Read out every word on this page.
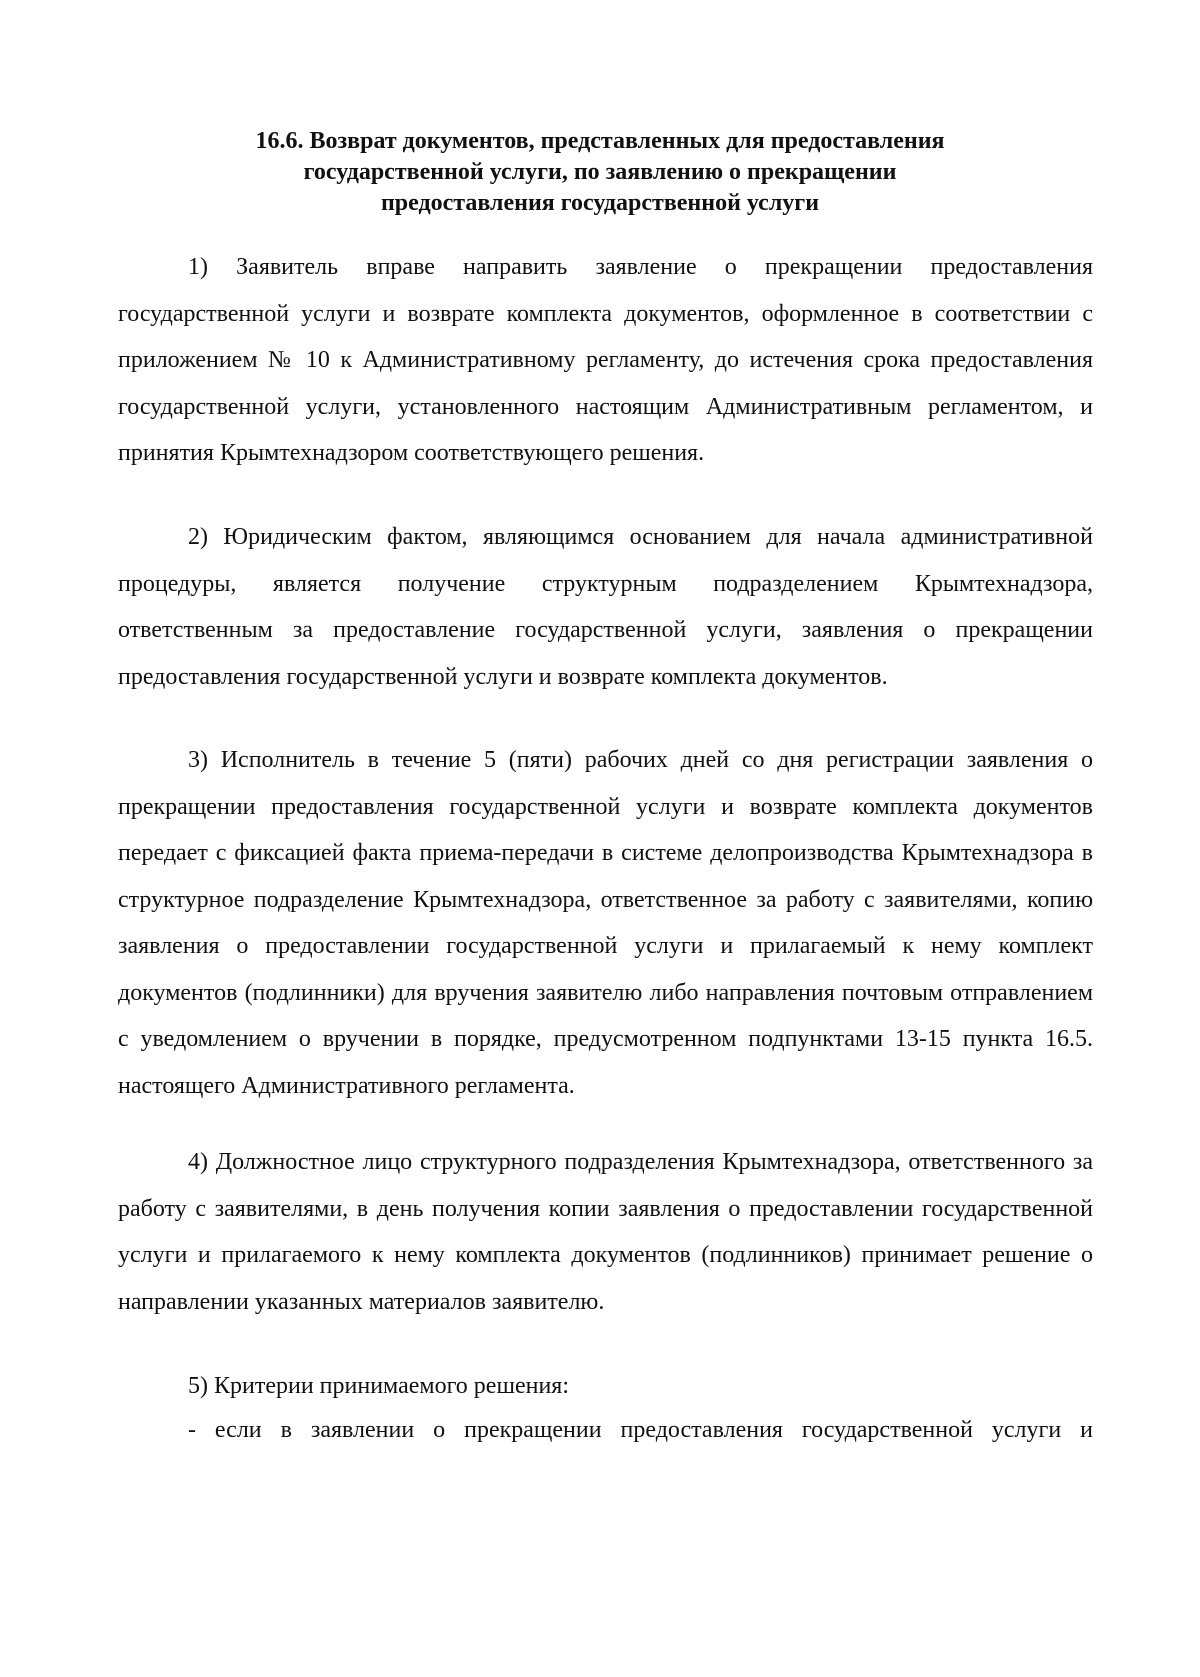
16.6. Возврат документов, представленных для предоставления
государственной услуги, по заявлению о прекращении
предоставления государственной услуги

1) Заявитель вправе направить заявление о прекращении предоставления государственной услуги и возврате комплекта документов, оформленное в соответствии с приложением № 10 к Административному регламенту, до истечения срока предоставления государственной услуги, установленного настоящим Административным регламентом, и принятия Крымтехнадзором соответствующего решения.

2) Юридическим фактом, являющимся основанием для начала административной процедуры, является получение структурным подразделением Крымтехнадзора, ответственным за предоставление государственной услуги, заявления о прекращении предоставления государственной услуги и возврате комплекта документов.

3) Исполнитель в течение 5 (пяти) рабочих дней со дня регистрации заявления о прекращении предоставления государственной услуги и возврате комплекта документов передает с фиксацией факта приема-передачи в системе делопроизводства Крымтехнадзора в структурное подразделение Крымтехнадзора, ответственное за работу с заявителями, копию заявления о предоставлении государственной услуги и прилагаемый к нему комплект документов (подлинники) для вручения заявителю либо направления почтовым отправлением с уведомлением о вручении в порядке, предусмотренном подпунктами 13-15 пункта 16.5. настоящего Административного регламента.

4) Должностное лицо структурного подразделения Крымтехнадзора, ответственного за работу с заявителями, в день получения копии заявления о предоставлении государственной услуги и прилагаемого к нему комплекта документов (подлинников) принимает решение о направлении указанных материалов заявителю.

5) Критерии принимаемого решения:

- если в заявлении о прекращении предоставления государственной услуги и
